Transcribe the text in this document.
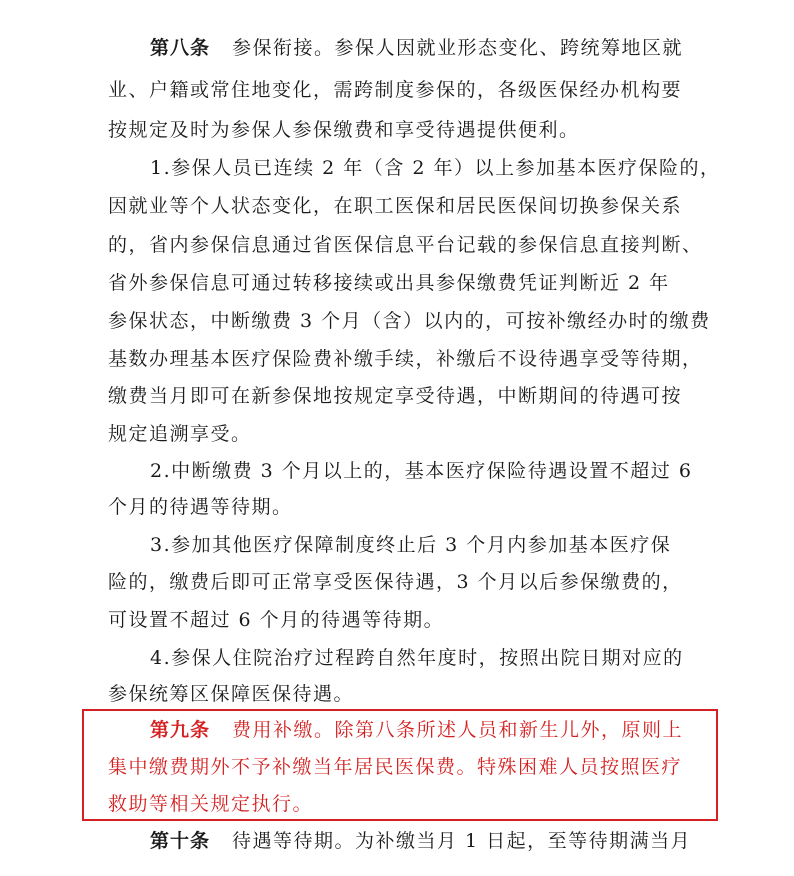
第八条 参保衔接。参保人因就业形态变化、跨统筹地区就
业、户籍或常住地变化，需跨制度参保的，各级医保经办机构要
按规定及时为参保人参保缴费和享受待遇提供便利。
1.参保人员已连续 2 年（含 2 年）以上参加基本医疗保险的，
因就业等个人状态变化，在职工医保和居民医保间切换参保关系
的，省内参保信息通过省医保信息平台记载的参保信息直接判断、
省外参保信息可通过转移接续或出具参保缴费凭证判断近 2 年
参保状态，中断缴费 3 个月（含）以内的，可按补缴经办时的缴费
基数办理基本医疗保险费补缴手续，补缴后不设待遇享受等待期，
缴费当月即可在新参保地按规定享受待遇，中断期间的待遇可按
规定追溯享受。
2.中断缴费 3 个月以上的，基本医疗保险待遇设置不超过 6
个月的待遇等待期。
3.参加其他医疗保障制度终止后 3 个月内参加基本医疗保
险的，缴费后即可正常享受医保待遇，3 个月以后参保缴费的，
可设置不超过 6 个月的待遇等待期。
4.参保人住院治疗过程跨自然年度时，按照出院日期对应的
参保统筹区保障医保待遇。
第九条 费用补缴。除第八条所述人员和新生儿外，原则上
集中缴费期外不予补缴当年居民医保费。特殊困难人员按照医疗
救助等相关规定执行。
第十条 待遇等待期。为补缴当月 1 日起，至等待期满当月
